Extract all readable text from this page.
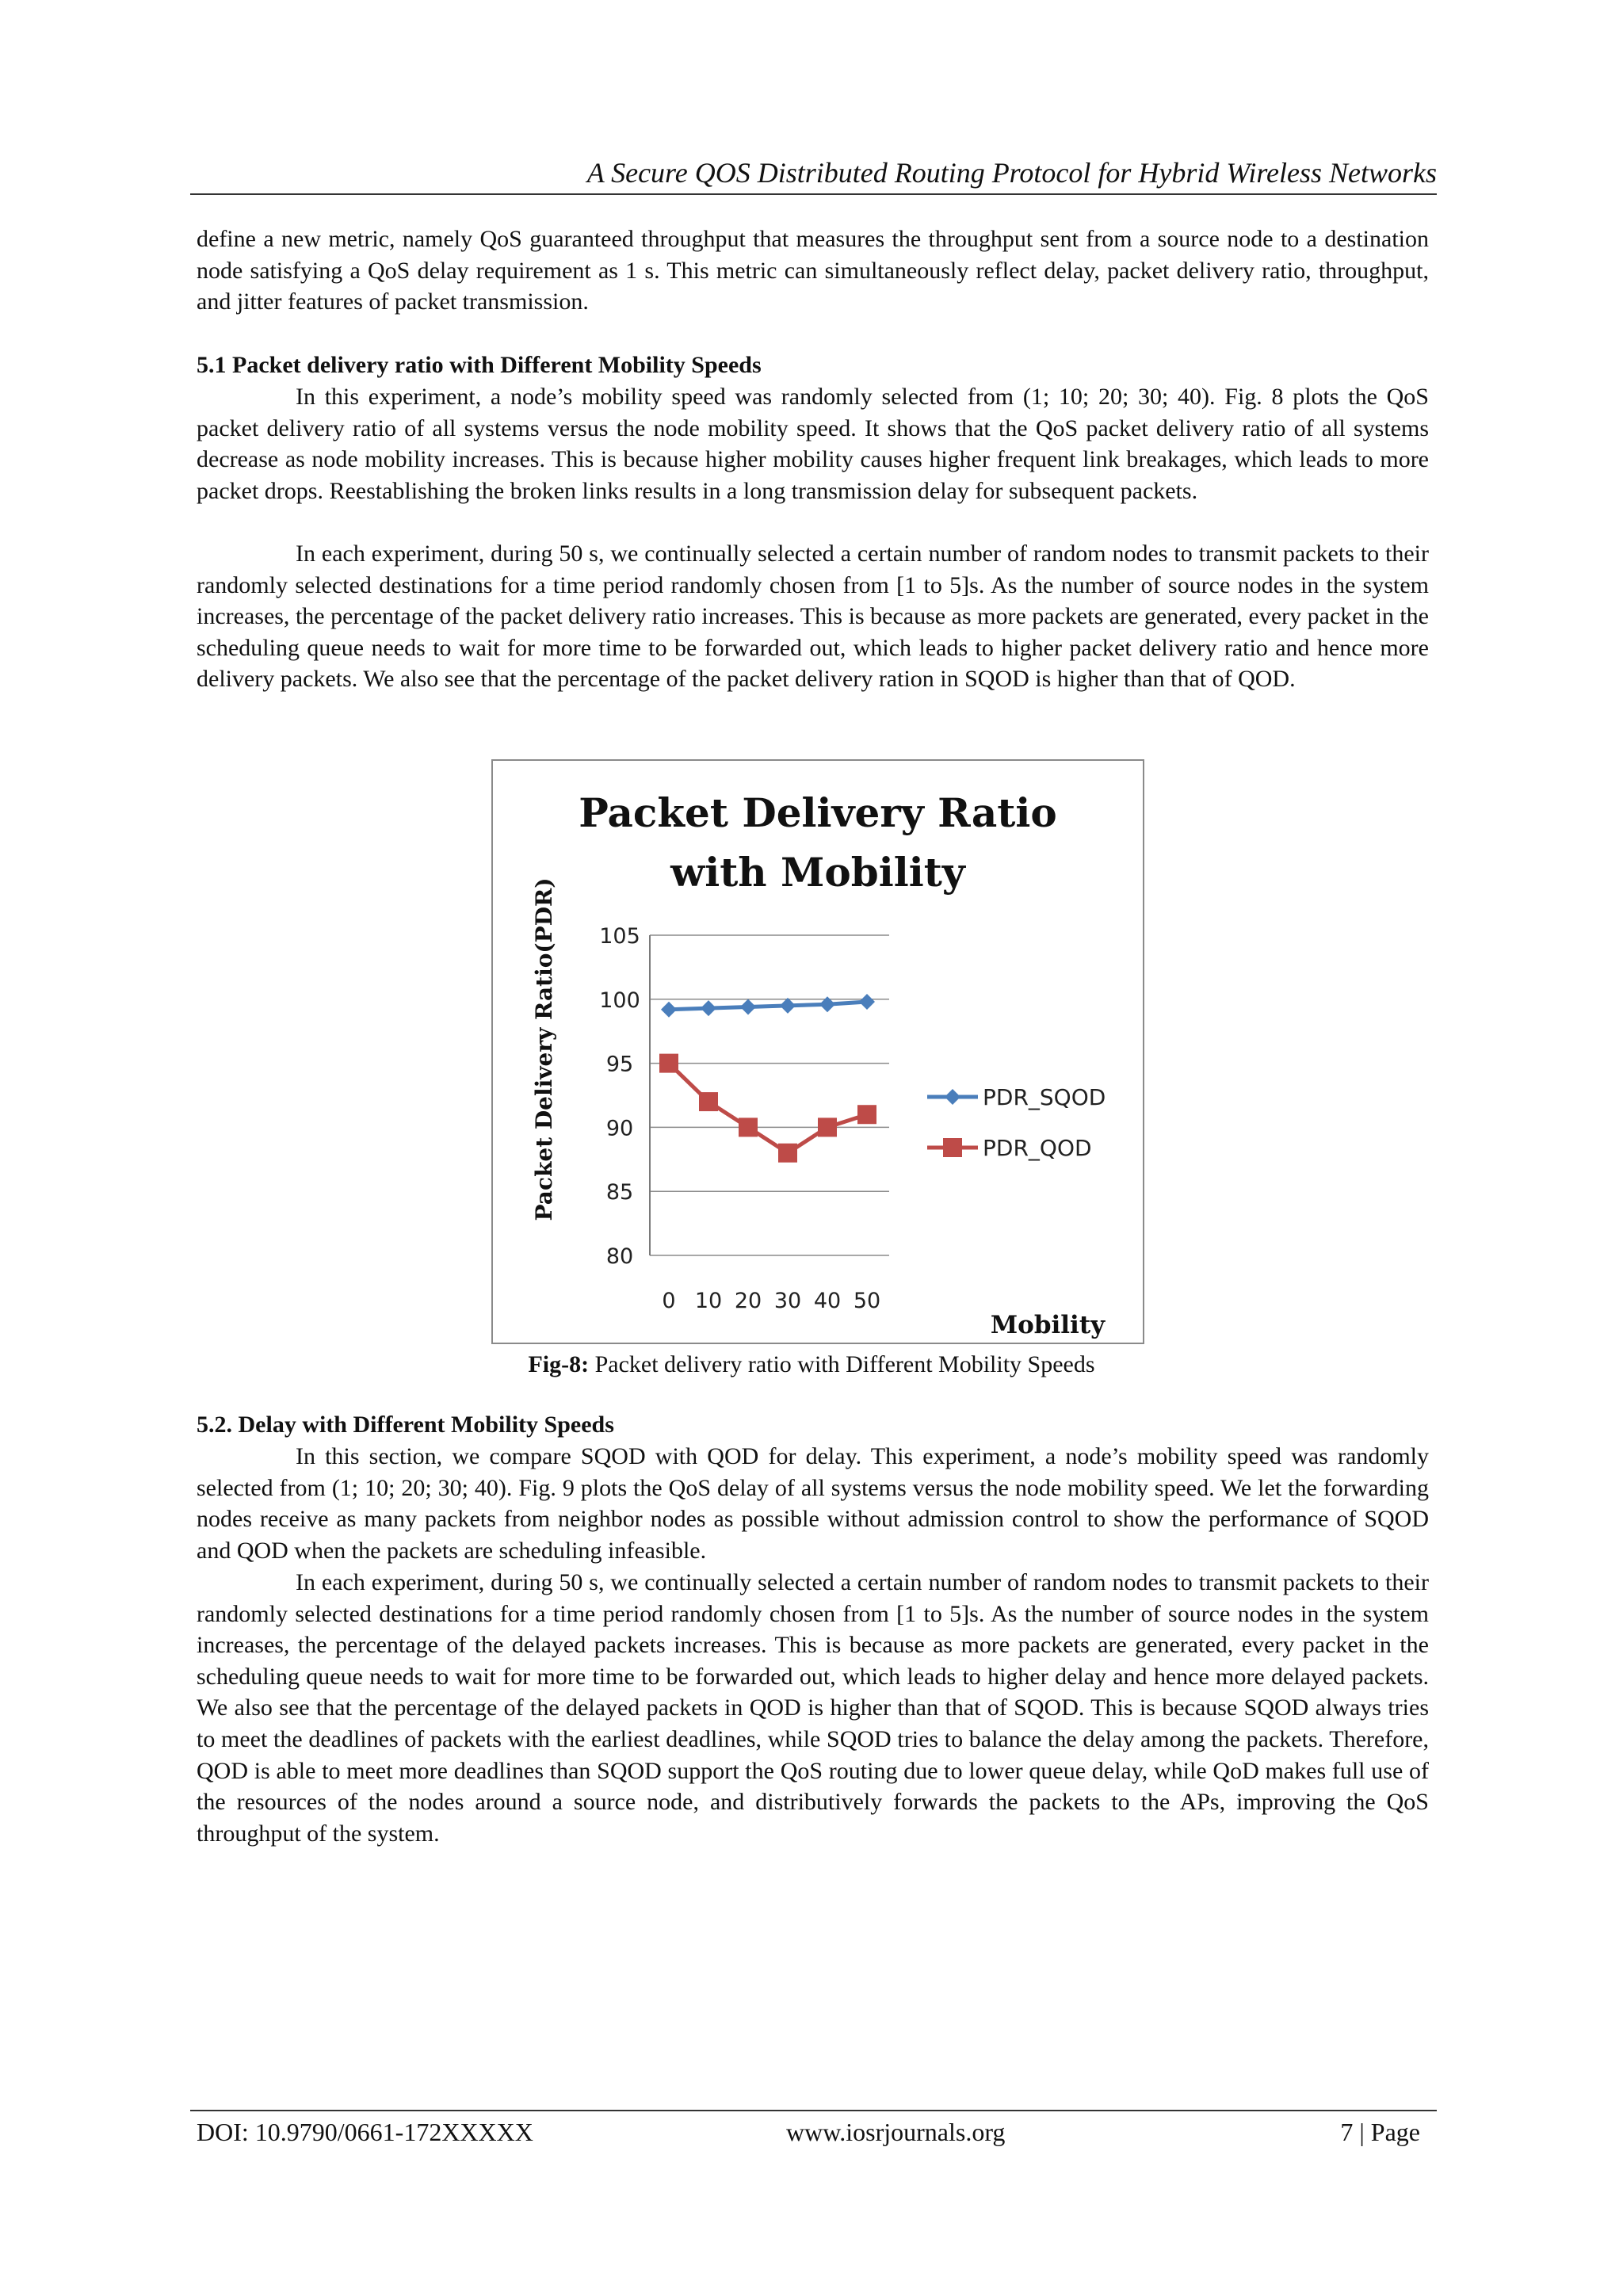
A Secure QOS Distributed Routing Protocol for Hybrid Wireless Networks

define a new metric, namely QoS guaranteed throughput that measures the throughput sent from a source node to a destination node satisfying a QoS delay requirement as 1 s. This metric can simultaneously reflect delay, packet delivery ratio, throughput, and jitter features of packet transmission.

5.1 Packet delivery ratio with Different Mobility Speeds

In this experiment, a node’s mobility speed was randomly selected from (1; 10; 20; 30; 40). Fig. 8 plots the QoS packet delivery ratio of all systems versus the node mobility speed. It shows that the QoS packet delivery ratio of all systems decrease as node mobility increases. This is because higher mobility causes higher frequent link breakages, which leads to more packet drops. Reestablishing the broken links results in a long transmission delay for subsequent packets.

In each experiment, during 50 s, we continually selected a certain number of random nodes to transmit packets to their randomly selected destinations for a time period randomly chosen from [1 to 5]s. As the number of source nodes in the system increases, the percentage of the packet delivery ratio increases. This is because as more packets are generated, every packet in the scheduling queue needs to wait for more time to be forwarded out, which leads to higher packet delivery ratio and hence more delivery packets. We also see that the percentage of the packet delivery ration in SQOD is higher than that of QOD.

Packet Delivery Ratio
with Mobility
Packet Delivery Ratio(PDR)
Mobility
105
100
95
90
85
80
0 10 20 30 40 50
PDR_SQOD
PDR_QOD
Fig-8: Packet delivery ratio with Different Mobility Speeds

5.2. Delay with Different Mobility Speeds

In this section, we compare SQOD with QOD for delay. This experiment, a node’s mobility speed was randomly selected from (1; 10; 20; 30; 40). Fig. 9 plots the QoS delay of all systems versus the node mobility speed. We let the forwarding nodes receive as many packets from neighbor nodes as possible without admission control to show the performance of SQOD and QOD when the packets are scheduling infeasible.

In each experiment, during 50 s, we continually selected a certain number of random nodes to transmit packets to their randomly selected destinations for a time period randomly chosen from [1 to 5]s. As the number of source nodes in the system increases, the percentage of the delayed packets increases. This is because as more packets are generated, every packet in the scheduling queue needs to wait for more time to be forwarded out, which leads to higher delay and hence more delayed packets. We also see that the percentage of the delayed packets in QOD is higher than that of SQOD. This is because SQOD always tries to meet the deadlines of packets with the earliest deadlines, while SQOD tries to balance the delay among the packets. Therefore, QOD is able to meet more deadlines than SQOD support the QoS routing due to lower queue delay, while QoD makes full use of the resources of the nodes around a source node, and distributively forwards the packets to the APs, improving the QoS throughput of the system.

DOI: 10.9790/0661-172XXXXX	www.iosrjournals.org	7 | Page
